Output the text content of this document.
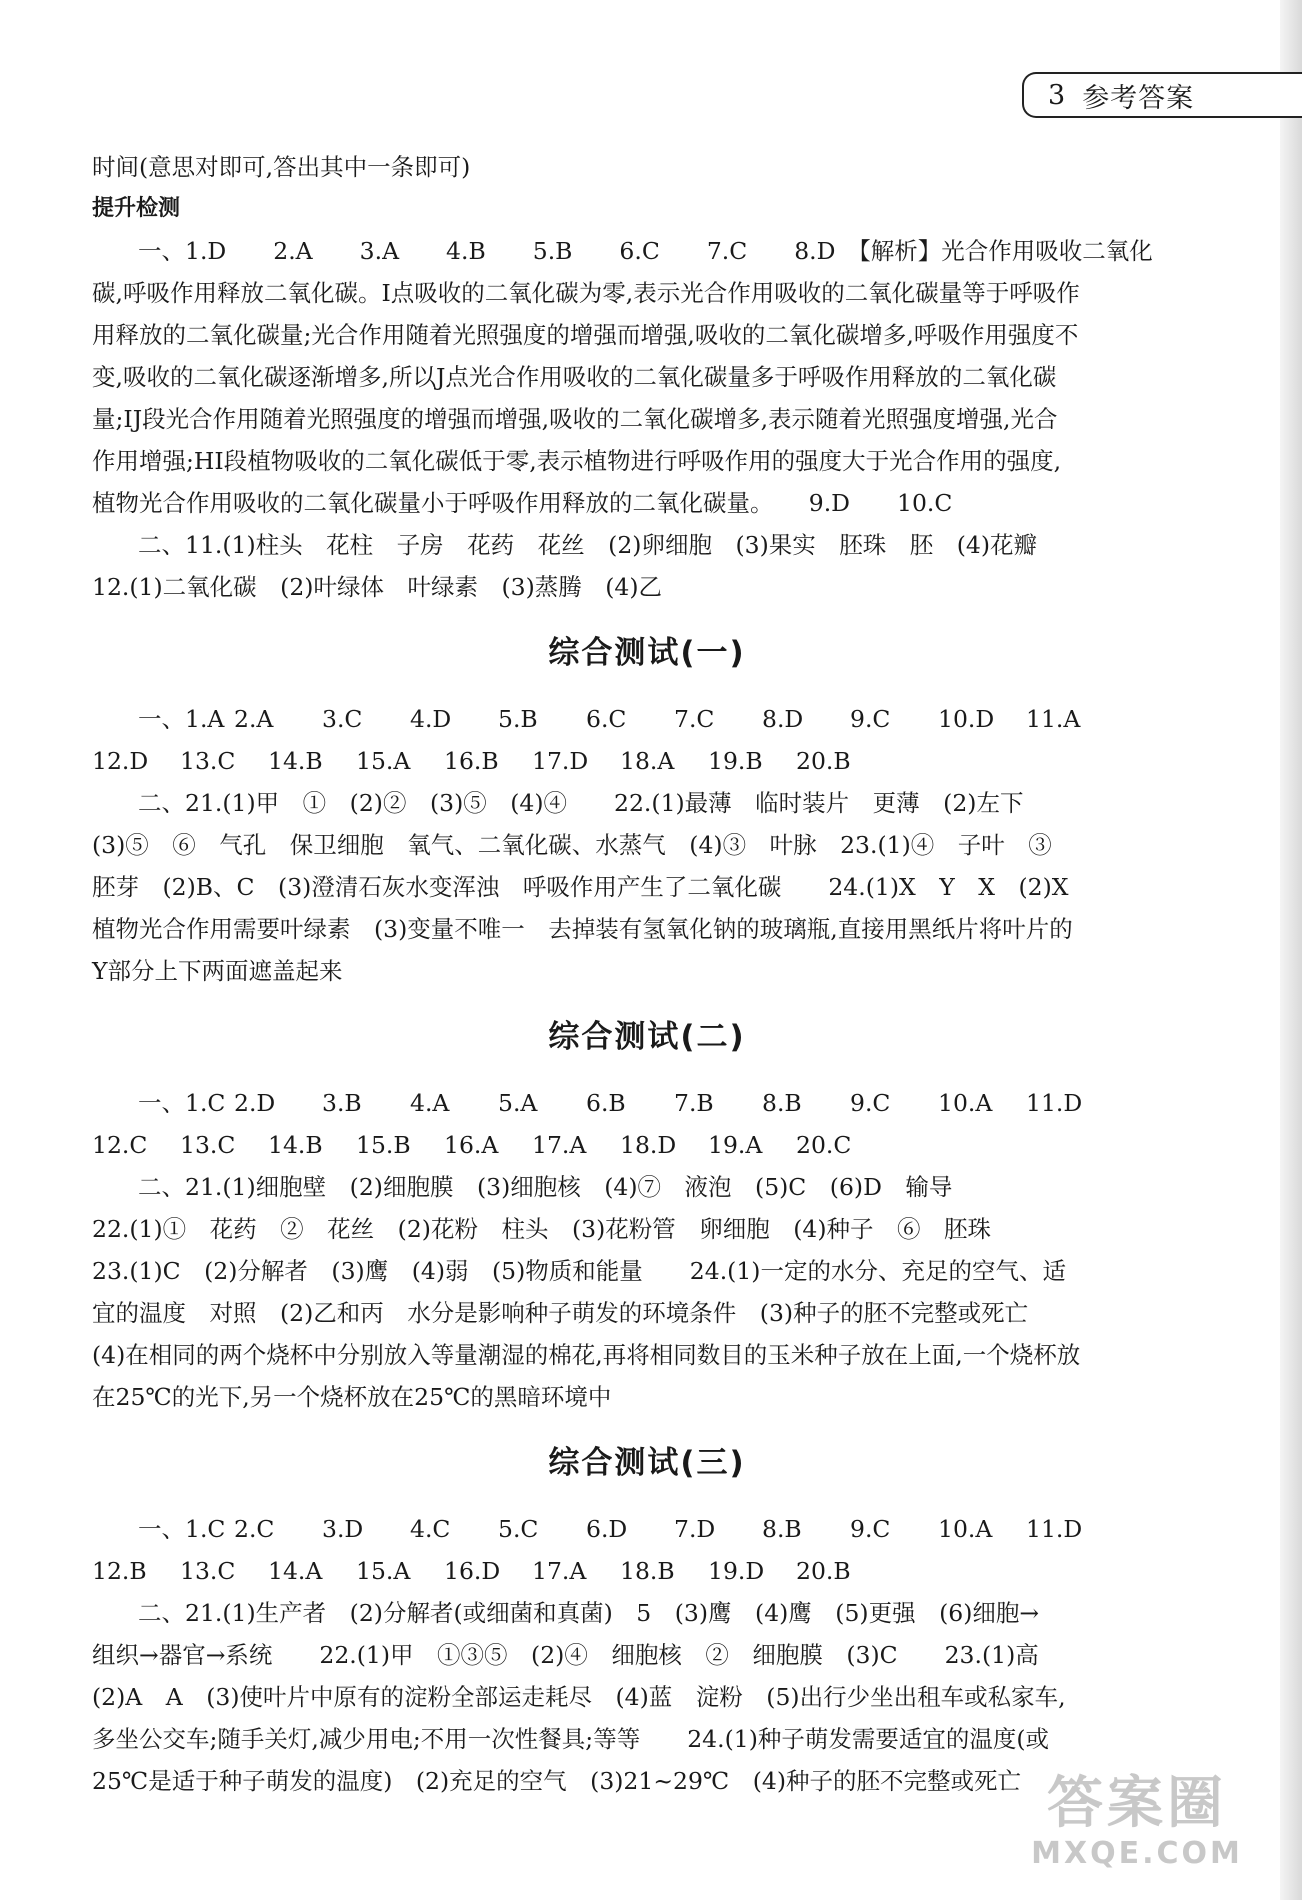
3 参考答案
时间(意思对即可,答出其中一条即可)
提升检测
一、1.D　　2.A　　3.A　　4.B　　5.B　　6.C　　7.C　　8.D　【解析】光合作用吸收二氧化
碳,呼吸作用释放二氧化碳。I点吸收的二氧化碳为零,表示光合作用吸收的二氧化碳量等于呼吸作
用释放的二氧化碳量;光合作用随着光照强度的增强而增强,吸收的二氧化碳增多,呼吸作用强度不
变,吸收的二氧化碳逐渐增多,所以J点光合作用吸收的二氧化碳量多于呼吸作用释放的二氧化碳
量;IJ段光合作用随着光照强度的增强而增强,吸收的二氧化碳增多,表示随着光照强度增强,光合
作用增强;HI段植物吸收的二氧化碳低于零,表示植物进行呼吸作用的强度大于光合作用的强度,
植物光合作用吸收的二氧化碳量小于呼吸作用释放的二氧化碳量。　　9.D　　10.C
二、11.(1)柱头　花柱　子房　花药　花丝　(2)卵细胞　(3)果实　胚珠　胚　(4)花瓣
12.(1)二氧化碳　(2)叶绿体　叶绿素　(3)蒸腾　(4)乙
综合测试(一)
一、1.A 2.A	3.C	4.D	5.B	6.C	7.C	8.D	9.C	10.D	11.A
12.D	13.C	14.B	15.A	16.B	17.D	18.A	19.B	20.B
二、21.(1)甲　①　(2)②　(3)⑤　(4)④　　22.(1)最薄　临时装片　更薄　(2)左下
(3)⑤　⑥　气孔　保卫细胞　氧气、二氧化碳、水蒸气　(4)③　叶脉　23.(1)④　子叶　③
胚芽　(2)B、C　(3)澄清石灰水变浑浊　呼吸作用产生了二氧化碳　　24.(1)X　Y　X　(2)X
植物光合作用需要叶绿素　(3)变量不唯一　去掉装有氢氧化钠的玻璃瓶,直接用黑纸片将叶片的
Y部分上下两面遮盖起来
综合测试(二)
一、1.C 2.D	3.B	4.A	5.A	6.B	7.B	8.B	9.C	10.A	11.D
12.C	13.C	14.B	15.B	16.A	17.A	18.D	19.A	20.C
二、21.(1)细胞壁　(2)细胞膜　(3)细胞核　(4)⑦　液泡　(5)C　(6)D　输导
22.(1)①　花药　②　花丝　(2)花粉　柱头　(3)花粉管　卵细胞　(4)种子　⑥　胚珠
23.(1)C　(2)分解者　(3)鹰　(4)弱　(5)物质和能量　　24.(1)一定的水分、充足的空气、适
宜的温度　对照　(2)乙和丙　水分是影响种子萌发的环境条件　(3)种子的胚不完整或死亡
(4)在相同的两个烧杯中分别放入等量潮湿的棉花,再将相同数目的玉米种子放在上面,一个烧杯放
在25℃的光下,另一个烧杯放在25℃的黑暗环境中
综合测试(三)
一、1.C 2.C	3.D	4.C	5.C	6.D	7.D	8.B	9.C	10.A	11.D
12.B	13.C	14.A	15.A	16.D	17.A	18.B	19.D	20.B
二、21.(1)生产者　(2)分解者(或细菌和真菌)　5　(3)鹰　(4)鹰　(5)更强　(6)细胞→
组织→器官→系统　　22.(1)甲　①③⑤　(2)④　细胞核　②　细胞膜　(3)C　　23.(1)高
(2)A　A　(3)使叶片中原有的淀粉全部运走耗尽　(4)蓝　淀粉　(5)出行少坐出租车或私家车,
多坐公交车;随手关灯,减少用电;不用一次性餐具;等等　　24.(1)种子萌发需要适宜的温度(或
25℃是适于种子萌发的温度)　(2)充足的空气　(3)21~29℃　(4)种子的胚不完整或死亡 答案圈
MXQE.COM
